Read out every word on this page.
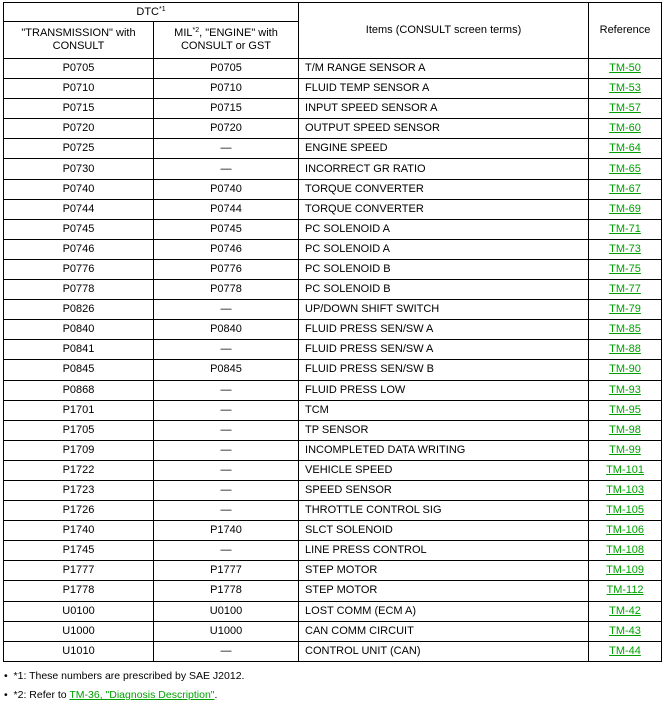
DTC$^{*1}$		Items (CONSULT screen terms)	Reference
"TRANSMISSION" with CONSULT	MIL$^{*2}$, "ENGINE" with CONSULT or GST		
P0705	P0705	T/M RANGE SENSOR A	TM-50
P0710	P0710	FLUID TEMP SENSOR A	TM-53
P0715	P0715	INPUT SPEED SENSOR A	TM-57
P0720	P0720	OUTPUT SPEED SENSOR	TM-60
P0725	—	ENGINE SPEED	TM-64
P0730	—	INCORRECT GR RATIO	TM-65
P0740	P0740	TORQUE CONVERTER	TM-67
P0744	P0744	TORQUE CONVERTER	TM-69
P0745	P0745	PC SOLENOID A	TM-71
P0746	P0746	PC SOLENOID A	TM-73
P0776	P0776	PC SOLENOID B	TM-75
P0778	P0778	PC SOLENOID B	TM-77
P0826	—	UP/DOWN SHIFT SWITCH	TM-79
P0840	P0840	FLUID PRESS SEN/SW A	TM-85
P0841	—	FLUID PRESS SEN/SW A	TM-88
P0845	P0845	FLUID PRESS SEN/SW B	TM-90
P0868	—	FLUID PRESS LOW	TM-93
P1701	—	TCM	TM-95
P1705	—	TP SENSOR	TM-98
P1709	—	INCOMPLETED DATA WRITING	TM-99
P1722	—	VEHICLE SPEED	TM-101
P1723	—	SPEED SENSOR	TM-103
P1726	—	THROTTLE CONTROL SIG	TM-105
P1740	P1740	SLCT SOLENOID	TM-106
P1745	—	LINE PRESS CONTROL	TM-108
P1777	P1777	STEP MOTOR	TM-109
P1778	P1778	STEP MOTOR	TM-112
U0100	U0100	LOST COMM (ECM A)	TM-42
U1000	U1000	CAN COMM CIRCUIT	TM-43
U1010	—	CONTROL UNIT (CAN)	TM-44
•  *1: These numbers are prescribed by SAE J2012.
•  *2: Refer to TM-36, "Diagnosis Description".
